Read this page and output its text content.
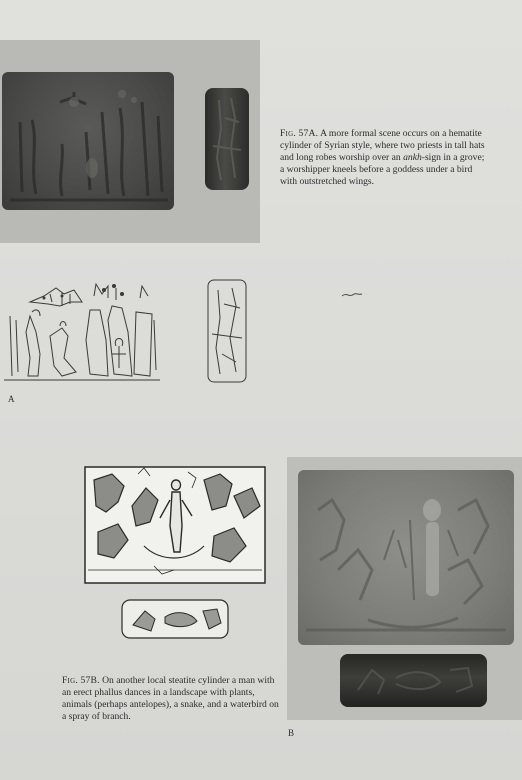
Fig. 57A. A more formal scene occurs on a hematite cylinder of Syrian style, where two priests in tall hats and long robes worship over an ankh-sign in a grove; a worshipper kneels before a goddess under a bird with outstretched wings.

A

Fig. 57B. On another local steatite cylinder a man with an erect phallus dances in a landscape with plants, animals (perhaps antelopes), a snake, and a waterbird on a spray of branch.

B
